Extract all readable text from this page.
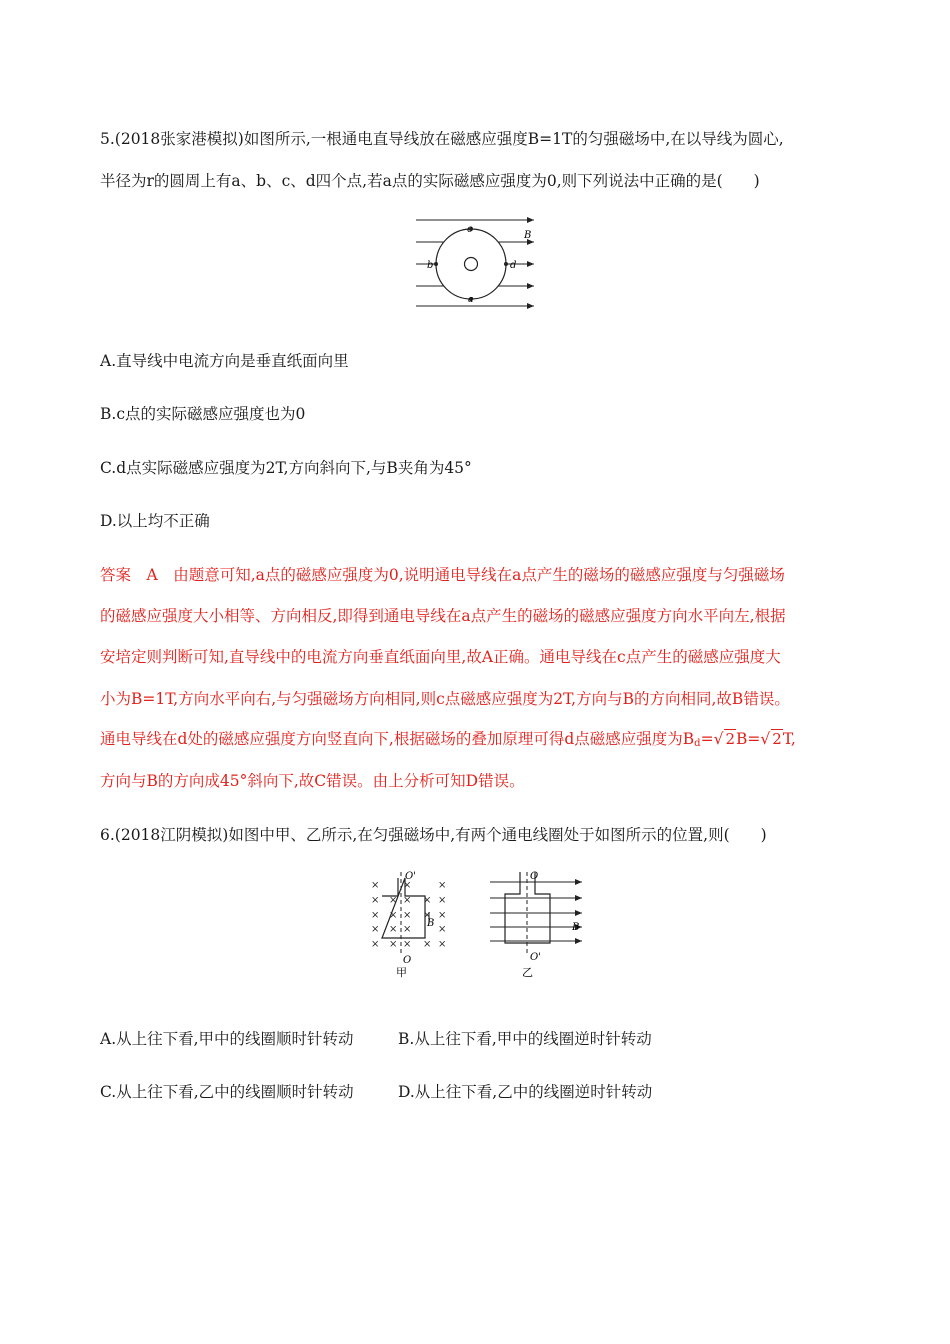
5.(2018张家港模拟)如图所示,一根通电直导线放在磁感应强度B=1T的匀强磁场中,在以导线为圆心,
半径为r的圆周上有a、b、c、d四个点,若a点的实际磁感应强度为0,则下列说法中正确的是(　　)
c
b	d
a
B
A.直导线中电流方向是垂直纸面向里
B.c点的实际磁感应强度也为0
C.d点实际磁感应强度为2T,方向斜向下,与B夹角为45°
D.以上均不正确
答案　A　由题意可知,a点的磁感应强度为0,说明通电导线在a点产生的磁场的磁感应强度与匀强磁场
的磁感应强度大小相等、方向相反,即得到通电导线在a点产生的磁场的磁感应强度方向水平向左,根据
安培定则判断可知,直导线中的电流方向垂直纸面向里,故A正确。通电导线在c点产生的磁感应强度大
小为B=1T,方向水平向右,与匀强磁场方向相同,则c点磁感应强度为2T,方向与B的方向相同,故B错误。
通电导线在d处的磁感应强度方向竖直向下,根据磁场的叠加原理可得d点磁感应强度为$B_d=√$ 2B=√ 2T,
方向与B的方向成45°斜向下,故C错误。由上分析可知D错误。
6.(2018江阴模拟)如图中甲、乙所示,在匀强磁场中,有两个通电线圈处于如图所示的位置,则(　　)
×
×
×
×
×
×
×
×
×
×
×
×
×
×
×
×
×
×
×
×
×
×
O'
B
O
甲
O
B
O'
乙
A.从上往下看,甲中的线圈顺时针转动	B.从上往下看,甲中的线圈逆时针转动
C.从上往下看,乙中的线圈顺时针转动	D.从上往下看,乙中的线圈逆时针转动
